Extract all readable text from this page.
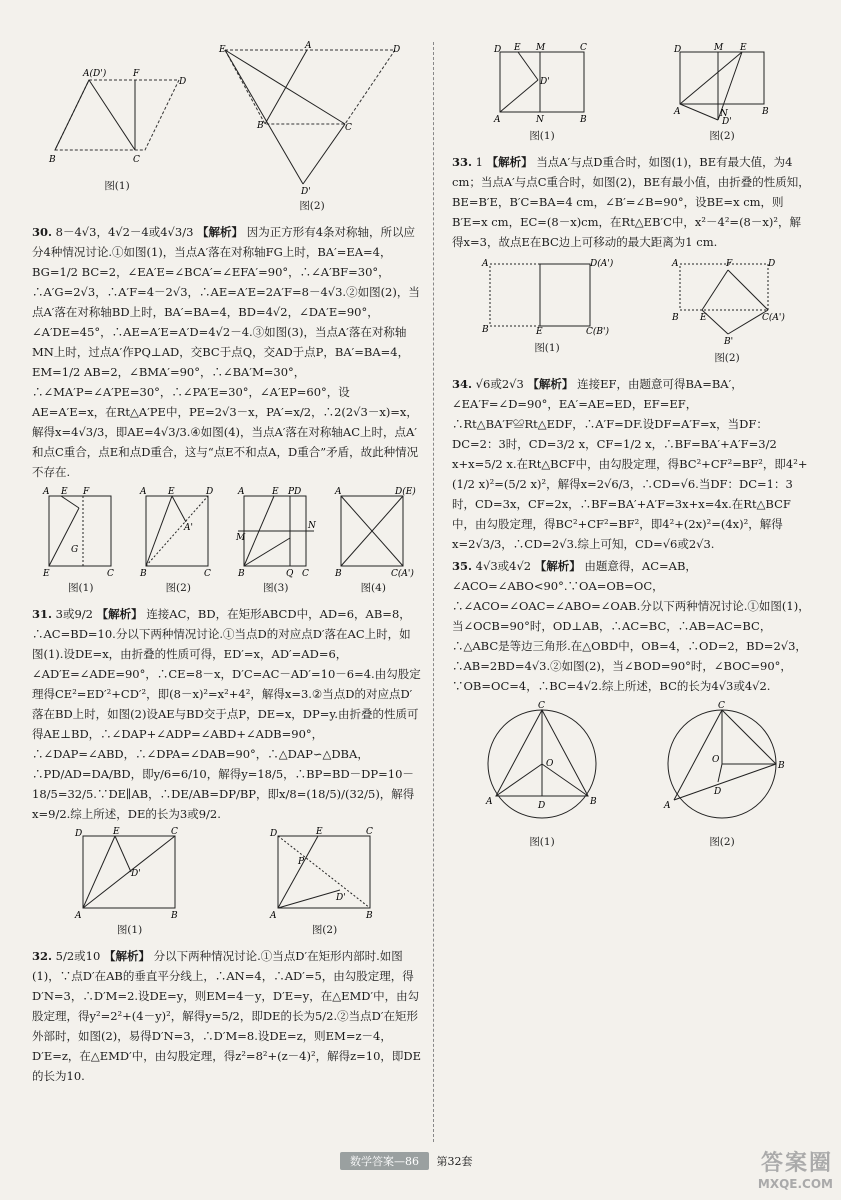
A(D')	F
D
B	C
图(1)
E	A	D
B	C
D'
图(2)

30. 8－4√3，4√2－4或4√3/3 【解析】 因为正方形有4条对称轴，所以应分4种情况讨论.①如图(1)，当点A′落在对称轴FG上时，BA′=EA=4，BG=1/2 BC=2，∠EA′E=∠BCA′=∠EFA′=90°，∴∠A′BF=30°，∴A′G=2√3，∴A′F=4－2√3，∴AE=A′E=2A′F=8－4√3.②如图(2)，当点A′落在对称轴BD上时，BA′=BA=4，BD=4√2，∠DA′E=90°，∠A′DE=45°，∴AE=A′E=A′D=4√2－4.③如图(3)，当点A′落在对称轴MN上时，过点A′作PQ⊥AD，交BC于点Q，交AD于点P，BA′=BA=4，EM=1/2 AB=2，∠BMA′=90°，∴∠BA′M=30°，∴∠MA′P=∠A′PE=30°，∴∠PA′E=30°，∠A′EP=60°，设AE=A′E=x，在Rt△A′PE中，PE=2√3－x，PA′=x/2，∴2(2√3－x)=x，解得x=4√3/3，即AE=4√3/3.④如图(4)，当点A′落在对称轴AC上时，点A′和点C重合，点E和点D重合，这与“点E不和点A，D重合”矛盾，故此种情况不存在.

A E F
E	C
G
图(1)
A E	D
A'
B	C
图(2)
A	E PD
M
N
B	Q C
图(3)
A	D(E)
B	C(A')
图(4)

31. 3或9/2 【解析】 连接AC，BD，在矩形ABCD中，AD=6，AB=8，∴AC=BD=10.分以下两种情况讨论.①当点D的对应点D′落在AC上时，如图(1).设DE=x，由折叠的性质可得，ED′=x，AD′=AD=6，∠AD′E=∠ADE=90°，∴CE=8－x，D′C=AC－AD′=10－6=4.由勾股定理得CE²=ED′²+CD′²，即(8－x)²=x²+4²，解得x=3.②当点D的对应点D′落在BD上时，如图(2)设AE与BD交于点P，DE=x，DP=y.由折叠的性质可得AE⊥BD，∴∠DAP+∠ADP=∠ABD+∠ADB=90°，∴∠DAP=∠ABD，∴∠DPA=∠DAB=90°，∴△DAP∽△DBA，∴PD/AD=DA/BD，即y/6=6/10，解得y=18/5，∴BP=BD－DP=10－18/5=32/5.∵DE∥AB，∴DE/AB=DP/BP，即x/8=(18/5)/(32/5)，解得x=9/2.综上所述，DE的长为3或9/2.

D	E	C
D'
A	B
图(1)
D	E	C
P
D'
A	B
图(2)

32. 5/2或10 【解析】 分以下两种情况讨论.①当点D′在矩形内部时.如图(1)，∵点D′在AB的垂直平分线上，∴AN=4，∴AD′=5，由勾股定理，得D′N=3，∴D′M=2.设DE=y，则EM=4－y，D′E=y，在△EMD′中，由勾股定理，得y²=2²+(4－y)²，解得y=5/2，即DE的长为5/2.②当点D′在矩形外部时，如图(2)，易得D′N=3，∴D′M=8.设DE=z，则EM=z－4，D′E=z，在△EMD′中，由勾股定理，得z²=8²+(z－4)²，解得z=10，即DE的长为10.

D E M	C
D'
A	N	B
图(1)
D	M E
A	N	B
D'
图(2)

33. 1 【解析】 当点A′与点D重合时，如图(1)，BE有最大值，为4 cm；当点A′与点C重合时，如图(2)，BE有最小值，由折叠的性质知，BE=B′E，B′C=BA=4 cm，∠B′=∠B=90°，设BE=x cm，则B′E=x cm，EC=(8－x)cm，在Rt△EB′C中，x²－4²=(8－x)²，解得x=3，故点E在BC边上可移动的最大距离为1 cm.

A	D(A')
B	E	C(B')
图(1)
A	F	D
B E	C(A')
B'
图(2)

34. √6或2√3 【解析】 连接EF，由题意可得BA=BA′，∠EA′F=∠D=90°，EA′=AE=ED，EF=EF，∴Rt△BA′F≌Rt△EDF，∴A′F=DF.设DF=A′F=x，当DF：DC=2：3时，CD=3/2 x，CF=1/2 x，∴BF=BA′+A′F=3/2 x+x=5/2 x.在Rt△BCF中，由勾股定理，得BC²+CF²=BF²，即4²+(1/2 x)²=(5/2 x)²，解得x=2√6/3，∴CD=√6.当DF：DC=1：3时，CD=3x，CF=2x，∴BF=BA′+A′F=3x+x=4x.在Rt△BCF中，由勾股定理，得BC²+CF²=BF²，即4²+(2x)²=(4x)²，解得x=2√3/3，∴CD=2√3.综上可知，CD=√6或2√3.

35. 4√3或4√2 【解析】 由题意得，AC=AB，∠ACO=∠ABO<90°.∵OA=OB=OC，∴∠ACO=∠OAC=∠ABO=∠OAB.分以下两种情况讨论.①如图(1)，当∠OCB=90°时，OD⊥AB，∴AC=BC，∴AB=AC=BC，∴△ABC是等边三角形.在△OBD中，OB=4，∴OD=2，BD=2√3，∴AB=2BD=4√3.②如图(2)，当∠BOD=90°时，∠BOC=90°，∵OB=OC=4，∴BC=4√2.综上所述，BC的长为4√3或4√2.

C
O
A	D	B
图(1)
C
O
A
D
B
图(2)
数学答案—86 第32套	答案圈
MXQE.COM
